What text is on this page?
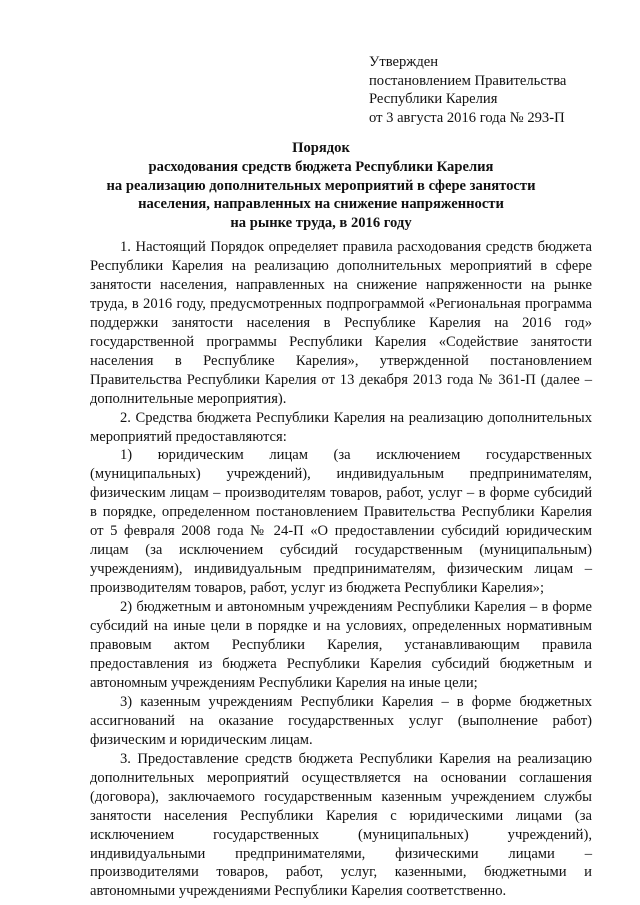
Утвержден
постановлением Правительства
Республики Карелия
от 3 августа 2016 года № 293-П
Порядок
расходования средств бюджета Республики Карелия
на реализацию дополнительных мероприятий в сфере занятости
населения, направленных на снижение напряженности
на рынке труда, в 2016 году

1. Настоящий Порядок определяет правила расходования средств бюджета Республики Карелия на реализацию дополнительных мероприятий в сфере занятости населения, направленных на снижение напряженности на рынке труда, в 2016 году, предусмотренных подпрограммой «Региональная программа поддержки занятости населения в Республике Карелия на 2016 год» государственной программы Республики Карелия «Содействие занятости населения в Республике Карелия», утвержденной постановлением Правительства Республики Карелия от 13 декабря 2013 года № 361-П (далее – дополнительные мероприятия).

2. Средства бюджета Республики Карелия на реализацию дополнительных мероприятий предоставляются:

1) юридическим лицам (за исключением государственных (муниципальных) учреждений), индивидуальным предпринимателям, физическим лицам – производителям товаров, работ, услуг – в форме субсидий в порядке, определенном постановлением Правительства Республики Карелия от 5 февраля 2008 года № 24-П «О предоставлении субсидий юридическим лицам (за исключением субсидий государственным (муниципальным) учреждениям), индивидуальным предпринимателям, физическим лицам – производителям товаров, работ, услуг из бюджета Республики Карелия»;

2) бюджетным и автономным учреждениям Республики Карелия – в форме субсидий на иные цели в порядке и на условиях, определенных нормативным правовым актом Республики Карелия, устанавливающим правила предоставления из бюджета Республики Карелия субсидий бюджетным и автономным учреждениям Республики Карелия на иные цели;

3) казенным учреждениям Республики Карелия – в форме бюджетных ассигнований на оказание государственных услуг (выполнение работ) физическим и юридическим лицам.

3. Предоставление средств бюджета Республики Карелия на реализацию дополнительных мероприятий осуществляется на основании соглашения (договора), заключаемого государственным казенным учреждением службы занятости населения Республики Карелия с юридическими лицами (за исключением государственных (муниципальных) учреждений), индивидуальными предпринимателями, физическими лицами – производителями товаров, работ, услуг, казенными, бюджетными и автономными учреждениями Республики Карелия соответственно.
